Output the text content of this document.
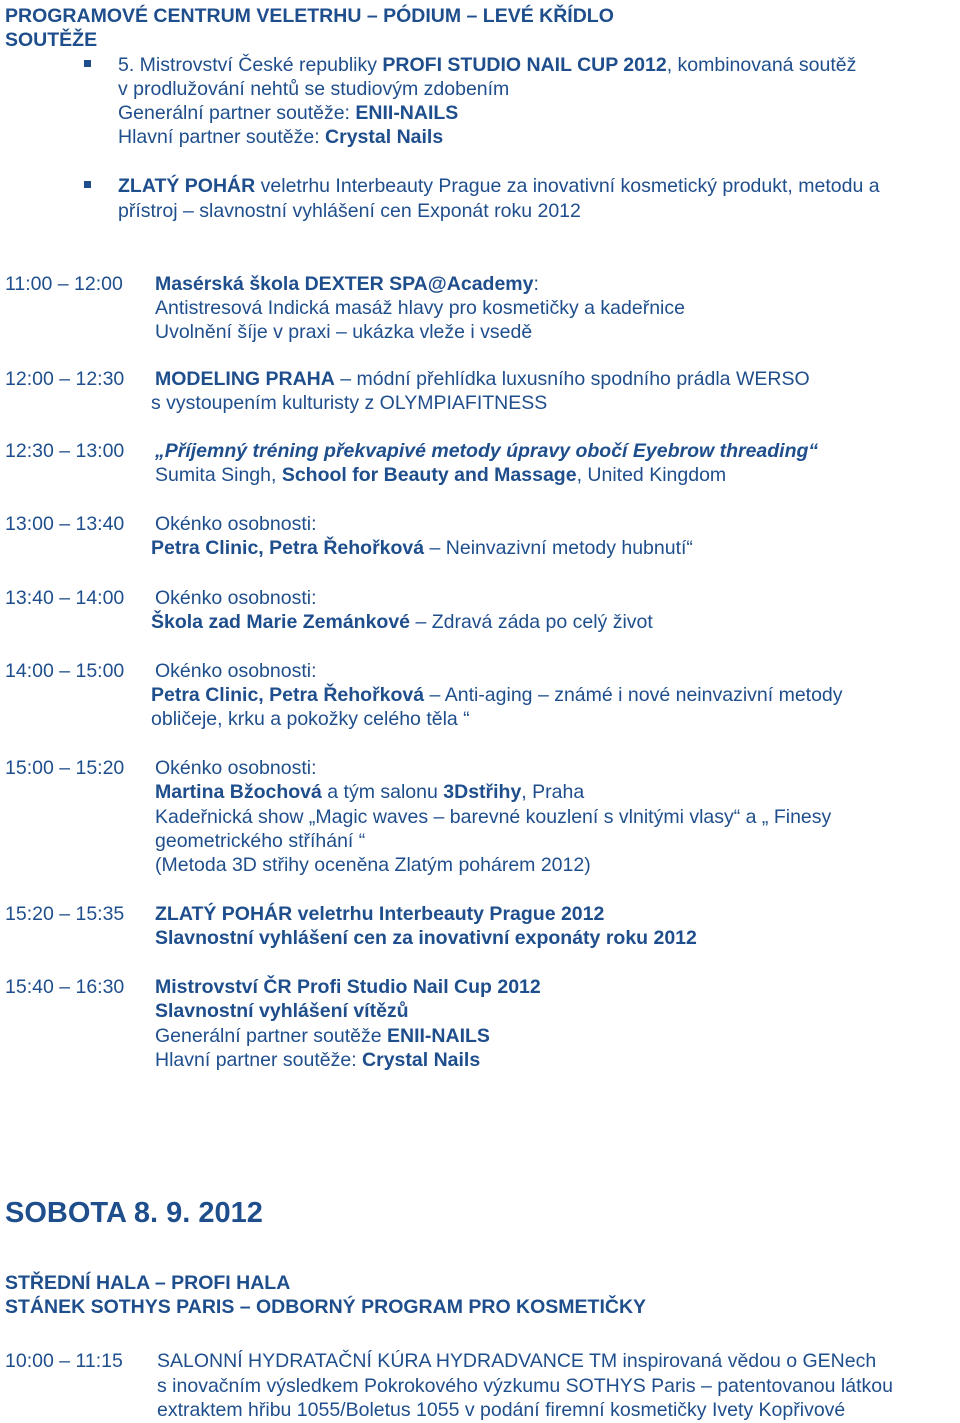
PROGRAMOVÉ CENTRUM VELETRHU – PÓDIUM – LEVÉ KŘÍDLO
SOUTĚŽE
5. Mistrovství České republiky PROFI STUDIO NAIL CUP 2012, kombinovaná soutěž
v prodlužování nehtů se studiovým zdobením
Generální partner soutěže: ENII-NAILS
Hlavní partner soutěže: Crystal Nails
ZLATÝ POHÁR veletrhu Interbeauty Prague za inovativní kosmetický produkt, metodu a
přístroj – slavnostní vyhlášení cen Exponát roku 2012
11:00 – 12:00 Masérská škola DEXTER SPA@Academy:
Antistresová Indická masáž hlavy pro kosmetičky a kadeřnice
Uvolnění šíje v praxi – ukázka vleže i vsedě
12:00 – 12:30 MODELING PRAHA – módní přehlídka luxusního spodního prádla WERSO
s vystoupením kulturisty z OLYMPIAFITNESS
12:30 – 13:00 „Příjemný tréning překvapivé metody úpravy obočí Eyebrow threading“
Sumita Singh, School for Beauty and Massage, United Kingdom
13:00 – 13:40 Okénko osobnosti:
Petra Clinic, Petra Řehořková – Neinvazivní metody hubnutí“
13:40 – 14:00 Okénko osobnosti:
Škola zad Marie Zemánkové – Zdravá záda po celý život
14:00 – 15:00 Okénko osobnosti:
Petra Clinic, Petra Řehořková – Anti-aging – známé i nové neinvazivní metody
obličeje, krku a pokožky celého těla “
15:00 – 15:20 Okénko osobnosti:
Martina Bžochová a tým salonu 3Dstřihy, Praha
Kadeřnická show „Magic waves – barevné kouzlení s vlnitými vlasy“ a „ Finesy
geometrického stříhání “
(Metoda 3D střihy oceněna Zlatým pohárem 2012)
15:20 – 15:35 ZLATÝ POHÁR veletrhu Interbeauty Prague 2012
Slavnostní vyhlášení cen za inovativní exponáty roku 2012
15:40 – 16:30 Mistrovství ČR Profi Studio Nail Cup 2012
Slavnostní vyhlášení vítězů
Generální partner soutěže ENII-NAILS
Hlavní partner soutěže: Crystal Nails
SOBOTA 8. 9. 2012
STŘEDNÍ HALA – PROFI HALA
STÁNEK SOTHYS PARIS – ODBORNÝ PROGRAM PRO KOSMETIČKY
10:00 – 11:15 SALONNÍ HYDRATAČNÍ KÚRA HYDRADVANCE TM inspirovaná vědou o GENech
s inovačním výsledkem Pokrokového výzkumu SOTHYS Paris – patentovanou látkou
extraktem hřibu 1055/Boletus 1055 v podání firemní kosmetičky Ivety Kopřivové
